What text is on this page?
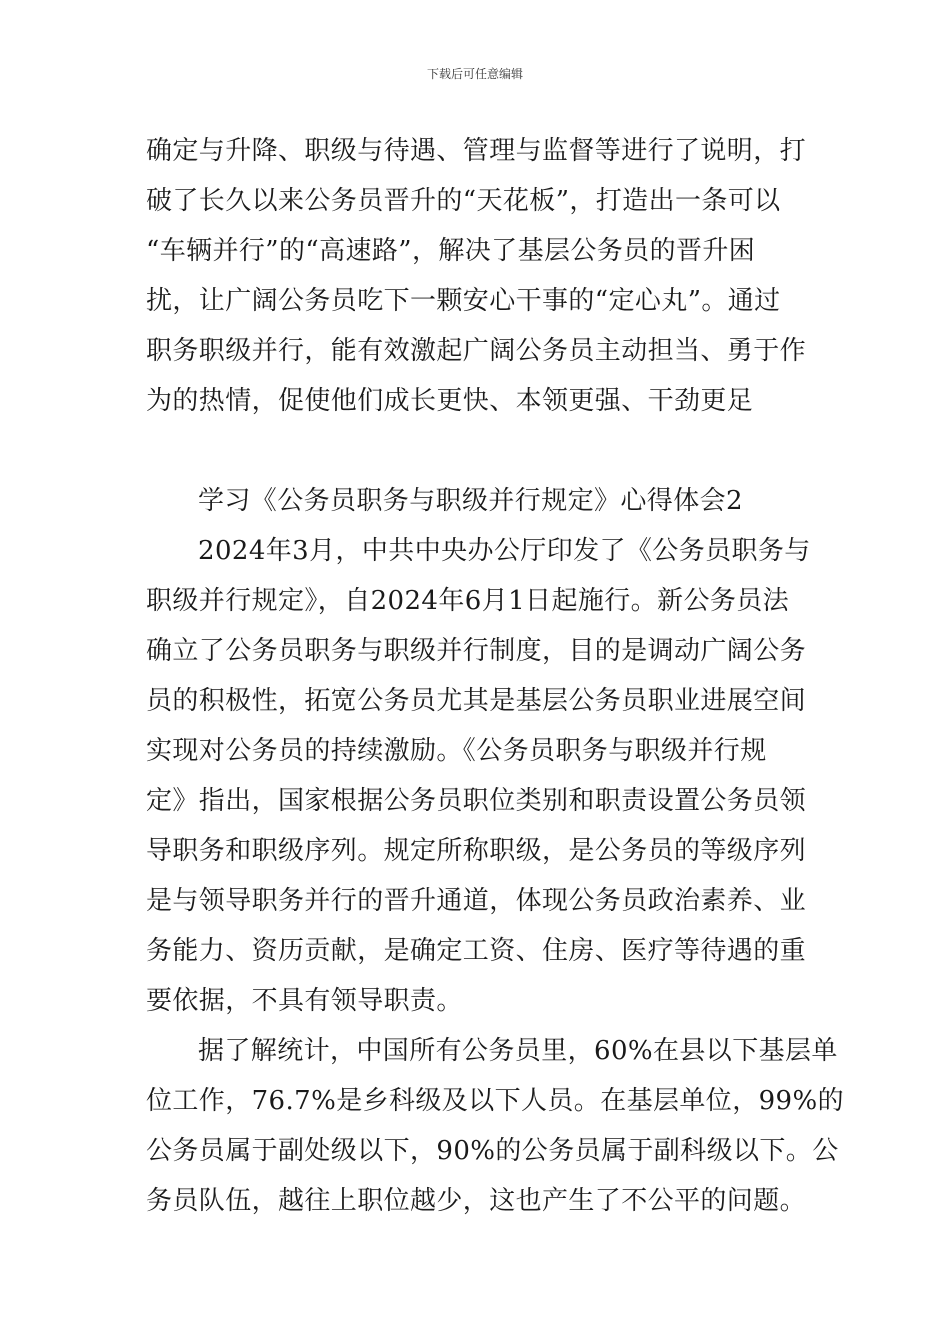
下载后可任意编辑
确定与升降、职级与待遇、管理与监督等进行了说明，打
破了长久以来公务员晋升的“天花板”，打造出一条可以
“车辆并行”的“高速路”，解决了基层公务员的晋升困
扰，让广阔公务员吃下一颗安心干事的“定心丸”。通过
职务职级并行，能有效激起广阔公务员主动担当、勇于作
为的热情，促使他们成长更快、本领更强、干劲更足
学习《公务员职务与职级并行规定》心得体会2
2024年3月，中共中央办公厅印发了《公务员职务与
职级并行规定》，自2024年6月1日起施行。新公务员法
确立了公务员职务与职级并行制度，目的是调动广阔公务
员的积极性，拓宽公务员尤其是基层公务员职业进展空间
实现对公务员的持续激励。《公务员职务与职级并行规
定》指出，国家根据公务员职位类别和职责设置公务员领
导职务和职级序列。规定所称职级，是公务员的等级序列
是与领导职务并行的晋升通道，体现公务员政治素养、业
务能力、资历贡献，是确定工资、住房、医疗等待遇的重
要依据，不具有领导职责。
据了解统计，中国所有公务员里，60%在县以下基层单
位工作，76.7%是乡科级及以下人员。在基层单位，99%的
公务员属于副处级以下，90%的公务员属于副科级以下。公
务员队伍，越往上职位越少，这也产生了不公平的问题。
